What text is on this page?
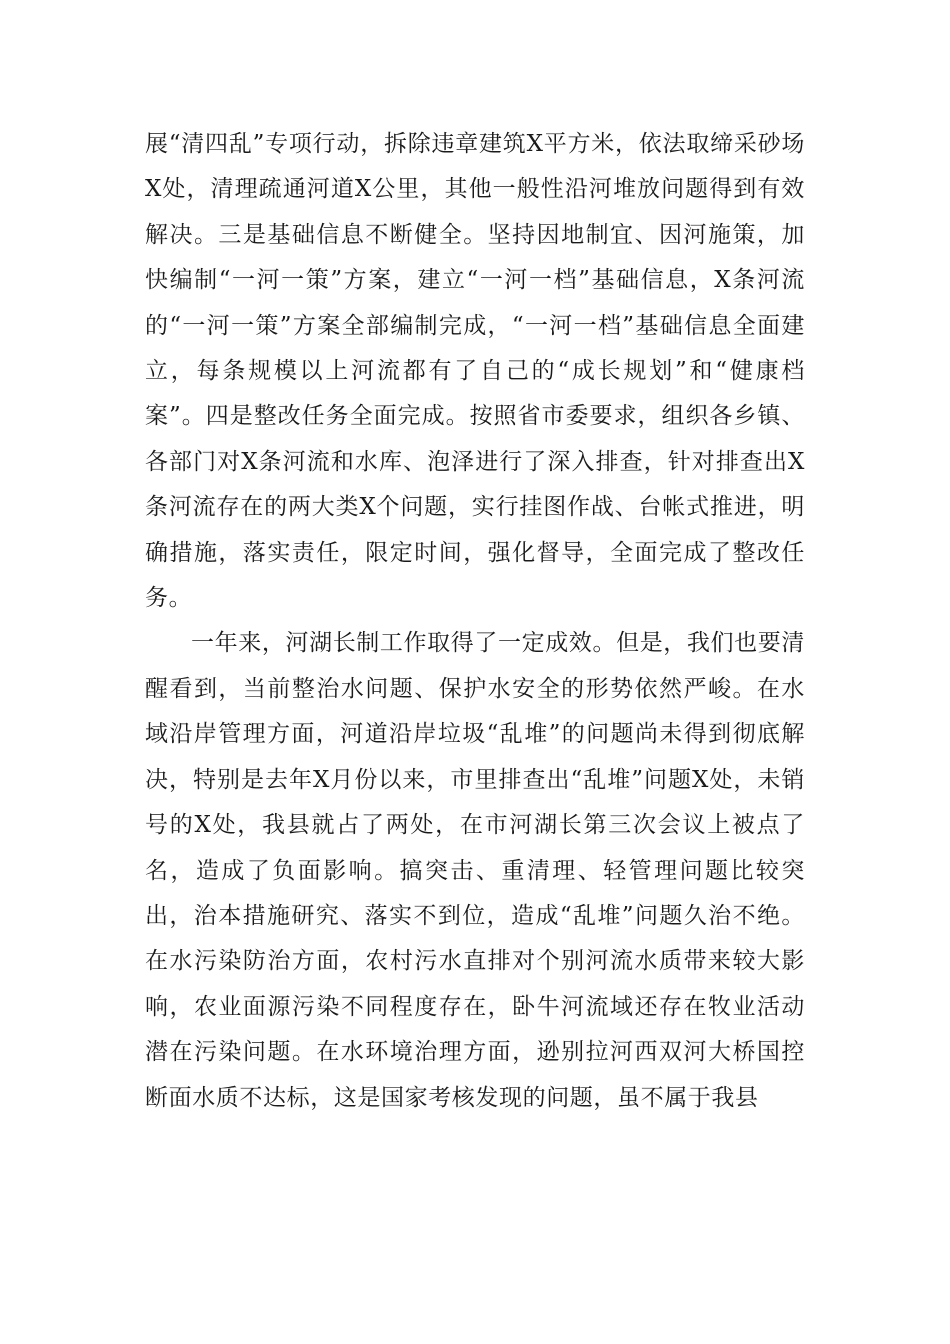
展“清四乱”专项行动，拆除违章建筑X平方米，依法取缔采砂场X处，清理疏通河道X公里，其他一般性沿河堆放问题得到有效解决。三是基础信息不断健全。坚持因地制宜、因河施策，加快编制“一河一策”方案，建立“一河一档”基础信息，X条河流的“一河一策”方案全部编制完成，“一河一档”基础信息全面建立，每条规模以上河流都有了自己的“成长规划”和“健康档案”。四是整改任务全面完成。按照省市委要求，组织各乡镇、各部门对X条河流和水库、泡泽进行了深入排查，针对排查出X条河流存在的两大类X个问题，实行挂图作战、台帐式推进，明确措施，落实责任，限定时间，强化督导，全面完成了整改任务。

一年来，河湖长制工作取得了一定成效。但是，我们也要清醒看到，当前整治水问题、保护水安全的形势依然严峻。在水域沿岸管理方面，河道沿岸垃圾“乱堆”的问题尚未得到彻底解决，特别是去年X月份以来，市里排查出“乱堆”问题X处，未销号的X处，我县就占了两处，在市河湖长第三次会议上被点了名，造成了负面影响。搞突击、重清理、轻管理问题比较突出，治本措施研究、落实不到位，造成“乱堆”问题久治不绝。在水污染防治方面，农村污水直排对个别河流水质带来较大影响，农业面源污染不同程度存在，卧牛河流域还存在牧业活动潜在污染问题。在水环境治理方面，逊别拉河西双河大桥国控断面水质不达标，这是国家考核发现的问题，虽不属于我县
